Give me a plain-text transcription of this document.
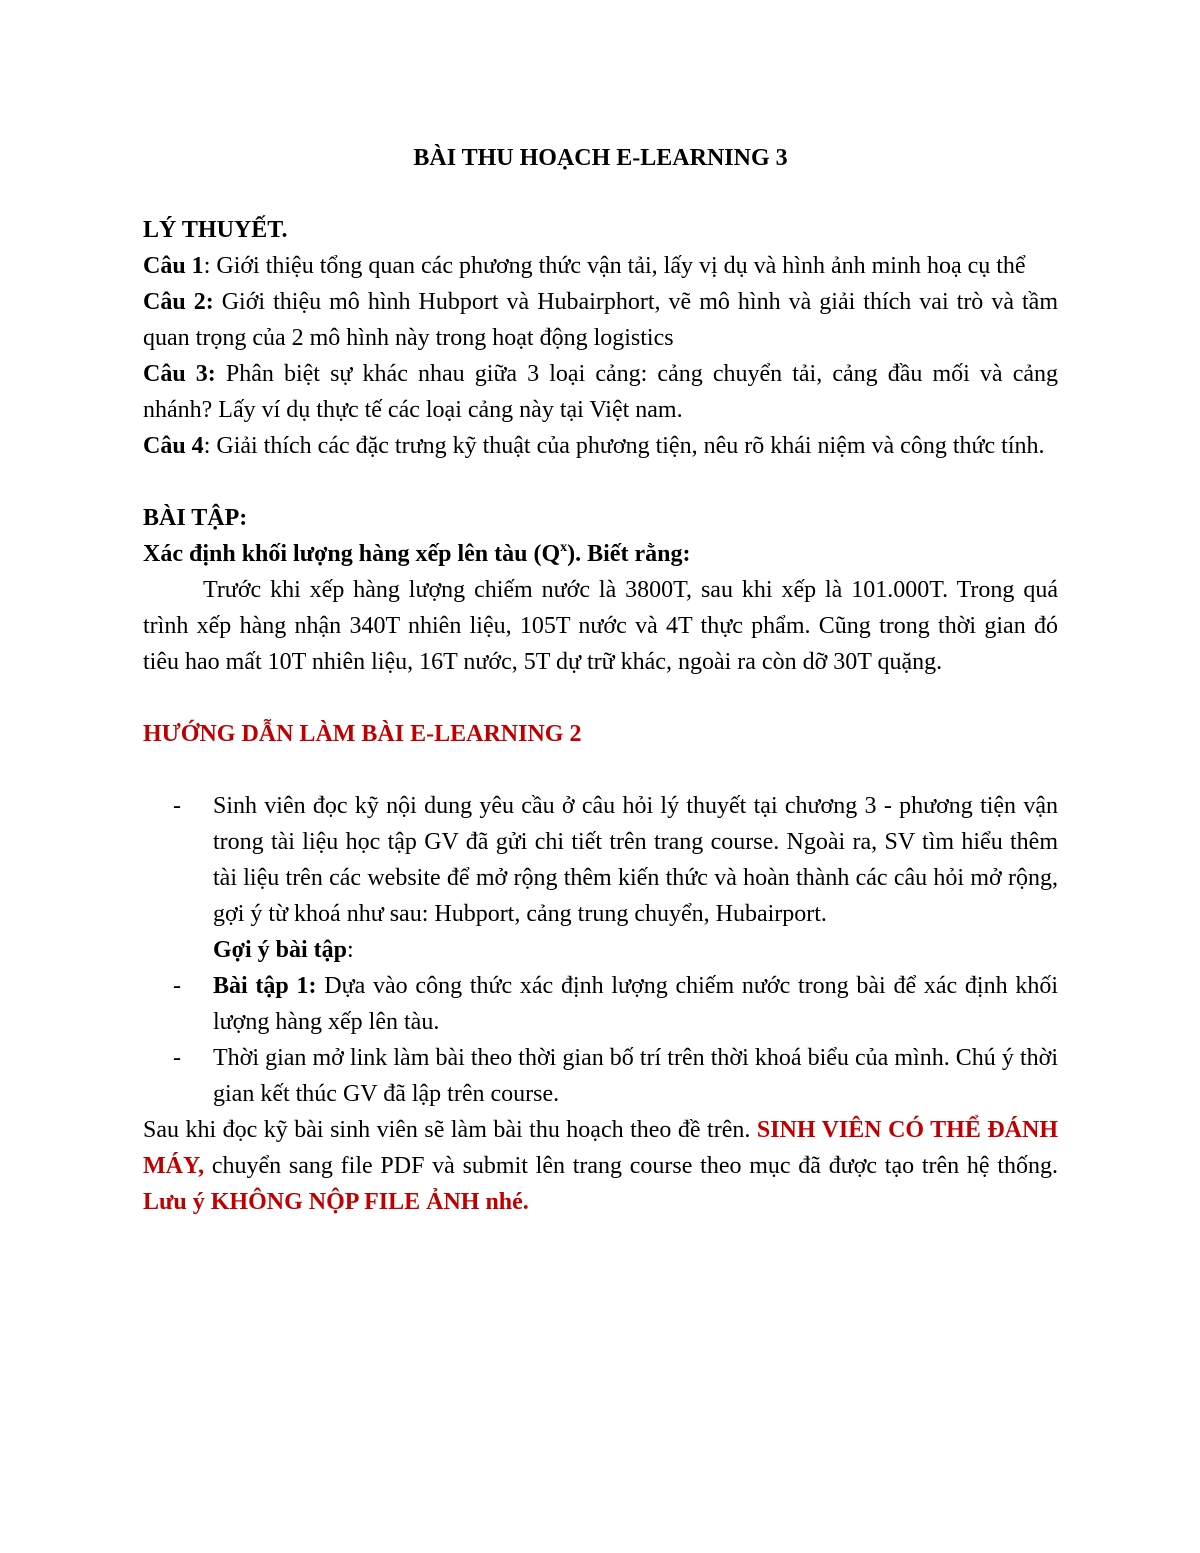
BÀI THU HOẠCH E-LEARNING 3

LÝ THUYẾT.

Câu 1: Giới thiệu tổng quan các phương thức vận tải, lấy vị dụ và hình ảnh minh hoạ cụ thể

Câu 2: Giới thiệu mô hình Hubport và Hubairphort, vẽ mô hình và giải thích vai trò và tầm quan trọng của 2 mô hình này trong hoạt động logistics

Câu 3: Phân biệt sự khác nhau giữa 3 loại cảng: cảng chuyển tải, cảng đầu mối và cảng nhánh? Lấy ví dụ thực tế các loại cảng này tại Việt nam.

Câu 4: Giải thích các đặc trưng kỹ thuật của phương tiện, nêu rõ khái niệm và công thức tính.

BÀI TẬP:

Xác định khối lượng hàng xếp lên tàu $(Q^x)$. Biết rằng:

Trước khi xếp hàng lượng chiếm nước là 3800T, sau khi xếp là 101.000T. Trong quá trình xếp hàng nhận 340T nhiên liệu, 105T nước và 4T thực phẩm. Cũng trong thời gian đó tiêu hao mất 10T nhiên liệu, 16T nước, 5T dự trữ khác, ngoài ra còn dỡ 30T quặng.

HƯỚNG DẪN LÀM BÀI E-LEARNING 2

- Sinh viên đọc kỹ nội dung yêu cầu ở câu hỏi lý thuyết tại chương 3 - phương tiện vận trong tài liệu học tập GV đã gửi chi tiết trên trang course. Ngoài ra, SV tìm hiểu thêm tài liệu trên các website để mở rộng thêm kiến thức và hoàn thành các câu hỏi mở rộng, gợi ý từ khoá như sau: Hubport, cảng trung chuyển, Hubairport.

Gợi ý bài tập:

- Bài tập 1: Dựa vào công thức xác định lượng chiếm nước trong bài để xác định khối lượng hàng xếp lên tàu.
- Thời gian mở link làm bài theo thời gian bố trí trên thời khoá biểu của mình. Chú ý thời gian kết thúc GV đã lập trên course.

Sau khi đọc kỹ bài sinh viên sẽ làm bài thu hoạch theo đề trên. SINH VIÊN CÓ THỂ ĐÁNH MÁY, chuyển sang file PDF và submit lên trang course theo mục đã được tạo trên hệ thống. Lưu ý KHÔNG NỘP FILE ẢNH nhé.
